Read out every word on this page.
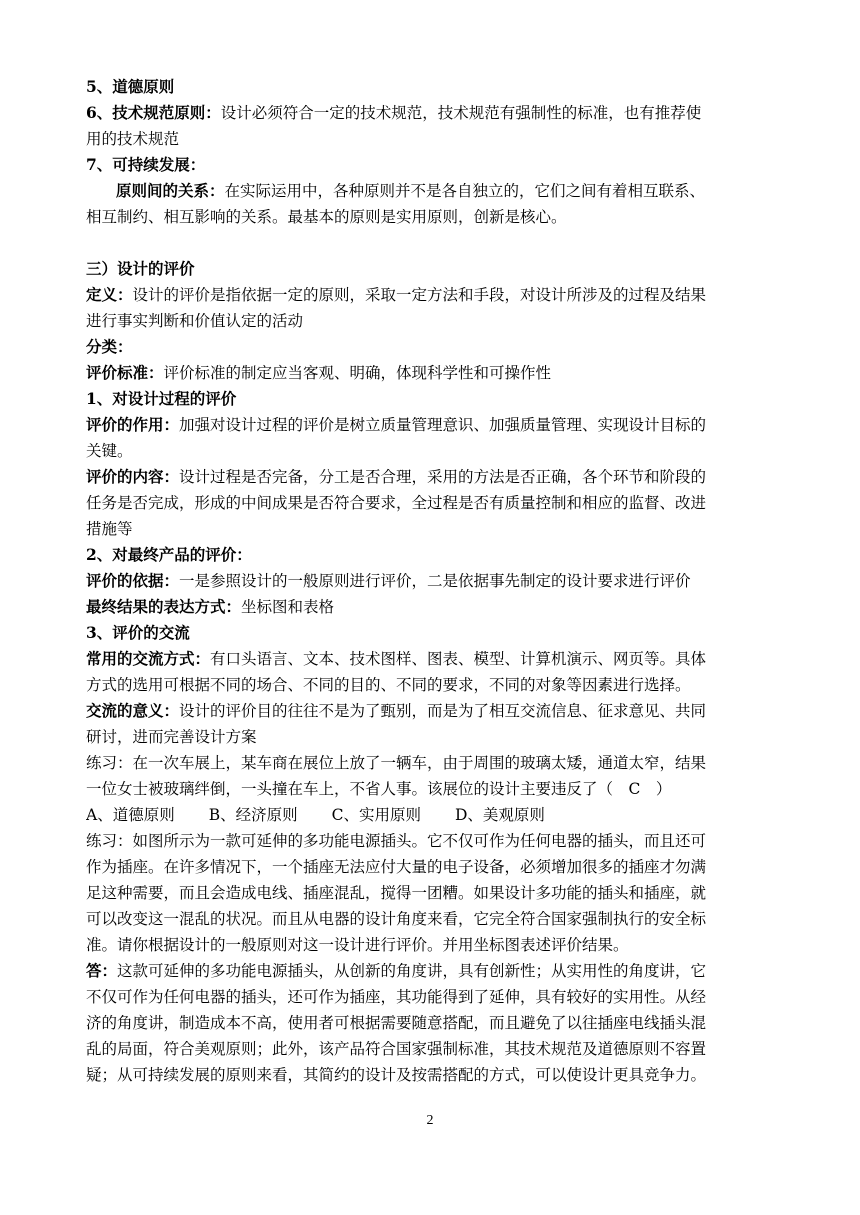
5、道德原则
6、技术规范原则：设计必须符合一定的技术规范，技术规范有强制性的标准，也有推荐使
用的技术规范
7、可持续发展：
原则间的关系：在实际运用中，各种原则并不是各自独立的，它们之间有着相互联系、
相互制约、相互影响的关系。最基本的原则是实用原则，创新是核心。
三）设计的评价
定义：设计的评价是指依据一定的原则，采取一定方法和手段，对设计所涉及的过程及结果
进行事实判断和价值认定的活动
分类：
评价标准：评价标准的制定应当客观、明确，体现科学性和可操作性
1、对设计过程的评价
评价的作用：加强对设计过程的评价是树立质量管理意识、加强质量管理、实现设计目标的
关键。
评价的内容：设计过程是否完备，分工是否合理，采用的方法是否正确，各个环节和阶段的
任务是否完成，形成的中间成果是否符合要求，全过程是否有质量控制和相应的监督、改进
措施等
2、对最终产品的评价：
评价的依据：一是参照设计的一般原则进行评价，二是依据事先制定的设计要求进行评价
最终结果的表达方式：坐标图和表格
3、评价的交流
常用的交流方式：有口头语言、文本、技术图样、图表、模型、计算机演示、网页等。具体
方式的选用可根据不同的场合、不同的目的、不同的要求，不同的对象等因素进行选择。
交流的意义：设计的评价目的往往不是为了甄别，而是为了相互交流信息、征求意见、共同
研讨，进而完善设计方案
练习：在一次车展上，某车商在展位上放了一辆车，由于周围的玻璃太矮，通道太窄，结果
一位女士被玻璃绊倒，一头撞在车上，不省人事。该展位的设计主要违反了（　C　）
A、道德原则 B、经济原则 C、实用原则 D、美观原则
练习：如图所示为一款可延伸的多功能电源插头。它不仅可作为任何电器的插头，而且还可
作为插座。在许多情况下，一个插座无法应付大量的电子设备，必须增加很多的插座才勿满
足这种需要，而且会造成电线、插座混乱，搅得一团糟。如果设计多功能的插头和插座，就
可以改变这一混乱的状况。而且从电器的设计角度来看，它完全符合国家强制执行的安全标
准。请你根据设计的一般原则对这一设计进行评价。并用坐标图表述评价结果。
答：这款可延伸的多功能电源插头，从创新的角度讲，具有创新性；从实用性的角度讲，它
不仅可作为任何电器的插头，还可作为插座，其功能得到了延伸，具有较好的实用性。从经
济的角度讲，制造成本不高，使用者可根据需要随意搭配，而且避免了以往插座电线插头混
乱的局面，符合美观原则；此外，该产品符合国家强制标准，其技术规范及道德原则不容置
疑；从可持续发展的原则来看，其简约的设计及按需搭配的方式，可以使设计更具竞争力。
2
